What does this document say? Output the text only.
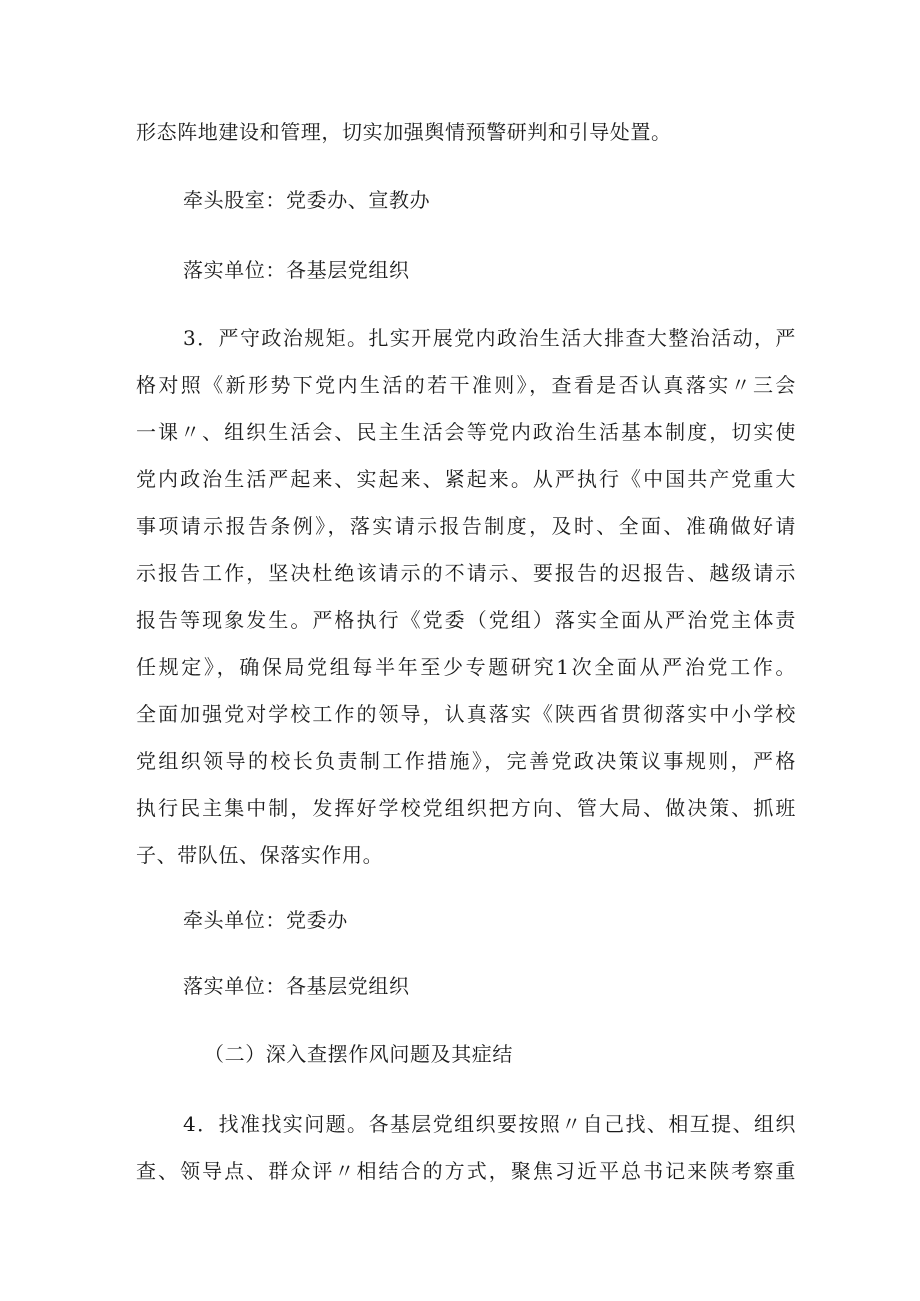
形态阵地建设和管理，切实加强舆情预警研判和引导处置。
牵头股室：党委办、宣教办
落实单位：各基层党组织
3．严守政治规矩。扎实开展党内政治生活大排查大整治活动，严
格对照《新形势下党内生活的若干准则》，查看是否认真落实〃三会
一课〃、组织生活会、民主生活会等党内政治生活基本制度，切实使
党内政治生活严起来、实起来、紧起来。从严执行《中国共产党重大
事项请示报告条例》，落实请示报告制度，及时、全面、准确做好请
示报告工作，坚决杜绝该请示的不请示、要报告的迟报告、越级请示
报告等现象发生。严格执行《党委（党组）落实全面从严治党主体责
任规定》，确保局党组每半年至少专题研究1次全面从严治党工作。
全面加强党对学校工作的领导，认真落实《陕西省贯彻落实中小学校
党组织领导的校长负责制工作措施》，完善党政决策议事规则，严格
执行民主集中制，发挥好学校党组织把方向、管大局、做决策、抓班
子、带队伍、保落实作用。
牵头单位：党委办
落实单位：各基层党组织
（二）深入查摆作风问题及其症结
4．找准找实问题。各基层党组织要按照〃自己找、相互提、组织
查、领导点、群众评〃相结合的方式，聚焦习近平总书记来陕考察重
